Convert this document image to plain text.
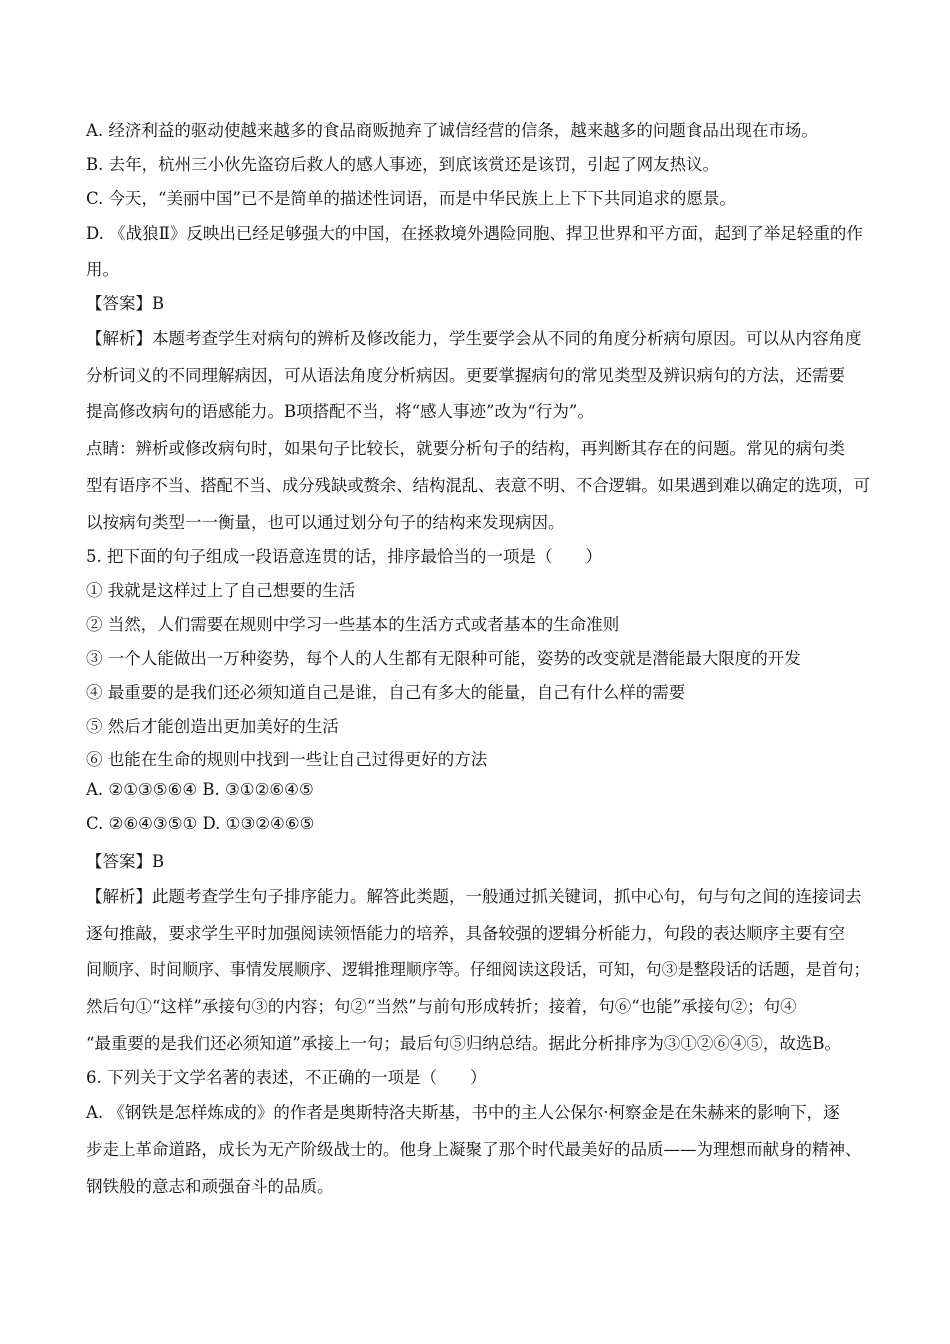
A. 经济利益的驱动使越来越多的食品商贩抛弃了诚信经营的信条，越来越多的问题食品出现在市场。
B. 去年，杭州三小伙先盗窃后救人的感人事迹，到底该赏还是该罚，引起了网友热议。
C. 今天，“美丽中国”已不是简单的描述性词语，而是中华民族上上下下共同追求的愿景。
D. 《战狼Ⅱ》反映出已经足够强大的中国，在拯救境外遇险同胞、捍卫世界和平方面，起到了举足轻重的作
用。
【答案】B
【解析】本题考查学生对病句的辨析及修改能力，学生要学会从不同的角度分析病句原因。可以从内容角度
分析词义的不同理解病因，可从语法角度分析病因。更要掌握病句的常见类型及辨识病句的方法，还需要
提高修改病句的语感能力。B项搭配不当，将“感人事迹”改为“行为”。
点睛：辨析或修改病句时，如果句子比较长，就要分析句子的结构，再判断其存在的问题。常见的病句类
型有语序不当、搭配不当、成分残缺或赘余、结构混乱、表意不明、不合逻辑。如果遇到难以确定的选项，可
以按病句类型一一衡量，也可以通过划分句子的结构来发现病因。
5. 把下面的句子组成一段语意连贯的话，排序最恰当的一项是（　　）
① 我就是这样过上了自己想要的生活
② 当然，人们需要在规则中学习一些基本的生活方式或者基本的生命准则
③ 一个人能做出一万种姿势，每个人的人生都有无限种可能，姿势的改变就是潜能最大限度的开发
④ 最重要的是我们还必须知道自己是谁，自己有多大的能量，自己有什么样的需要
⑤ 然后才能创造出更加美好的生活
⑥ 也能在生命的规则中找到一些让自己过得更好的方法
A. ②①③⑤⑥④ B. ③①②⑥④⑤
C. ②⑥④③⑤① D. ①③②④⑥⑤
【答案】B
【解析】此题考查学生句子排序能力。解答此类题，一般通过抓关键词，抓中心句，句与句之间的连接词去
逐句推敲，要求学生平时加强阅读领悟能力的培养，具备较强的逻辑分析能力，句段的表达顺序主要有空
间顺序、时间顺序、事情发展顺序、逻辑推理顺序等。仔细阅读这段话，可知，句③是整段话的话题，是首句；
然后句①“这样”承接句③的内容；句②“当然”与前句形成转折；接着，句⑥“也能”承接句②；句④
“最重要的是我们还必须知道”承接上一句；最后句⑤归纳总结。据此分析排序为③①②⑥④⑤，故选B。
6. 下列关于文学名著的表述，不正确的一项是（　　）
A. 《钢铁是怎样炼成的》的作者是奥斯特洛夫斯基，书中的主人公保尔·柯察金是在朱赫来的影响下，逐
步走上革命道路，成长为无产阶级战士的。他身上凝聚了那个时代最美好的品质——为理想而献身的精神、
钢铁般的意志和顽强奋斗的品质。
